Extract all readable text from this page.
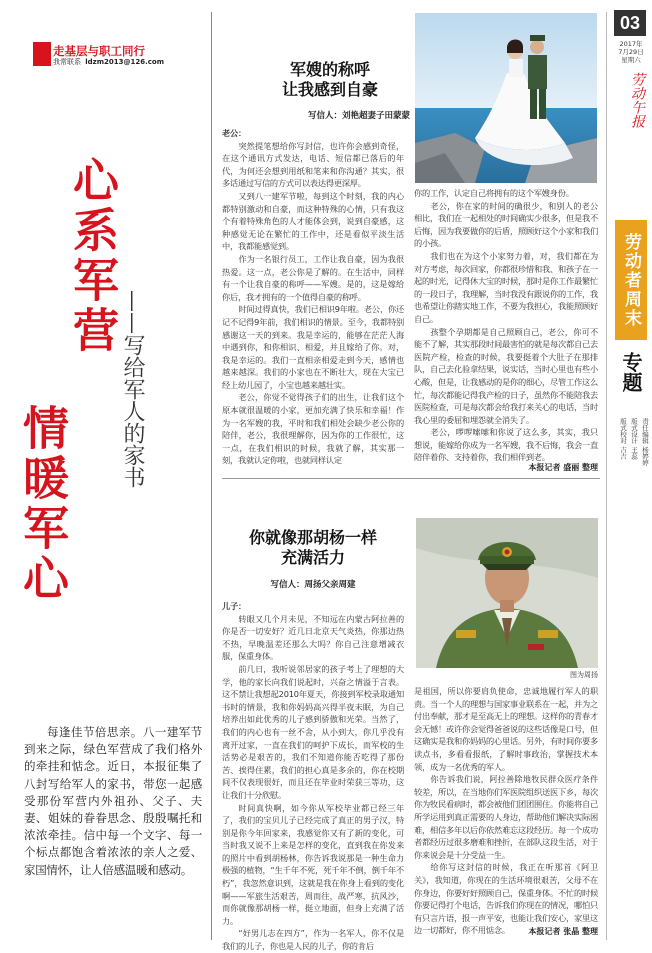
走基层与职工同行
我常联系 ldzm2013@126.com
心系军营
情暖军心
——写给军人的家书
每逢佳节倍思亲。八一建军节到来之际，绿色军营成了我们格外的牵挂和惦念。近日，本报征集了八封写给军人的家书，带您一起感受那份军营内外祖孙、父子、夫妻、姐妹的眷眷思念、殷殷嘱托和浓浓牵挂。信中每一个文字、每一个标点都饱含着浓浓的亲人之爱、家国情怀，让人倍感温暖和感动。
军嫂的称呼
让我感到自豪
写信人：刘艳超妻子田蒙蒙

老公：

突然提笔想给你写封信，也许你会感到奇怪，在这个通讯方式发达，电话、短信都已落后的年代，为何还会想到用纸和笔来和你沟通？其实，很多话通过写信的方式可以表达得更深厚。

又到八一建军节啦，每到这个时刻，我的内心都特别激动和自豪，而这种特殊的心情，只有我这个有着特殊角色的人才能体会到，说到自豪感，这种感觉无论在繁忙的工作中，还是看似平淡生活中，我都能感觉到。

作为一名银行员工，工作让我自豪，因为我很热爱。这一点，老公你是了解的。在生活中，同样有一个让我自豪的称呼——军嫂。是的，这是嫁给你后，我才拥有的一个值得自豪的称呼。

时间过得真快，我们已相识9年啦。老公，你还记不记得9年前，我们相识的情景。至今，我都特别感谢这一天的到来。我是幸运的，能够在茫茫人海中遇到你，和你相识、相爱，并且嫁给了你。对，我是幸运的。我们一直相亲相爱走到今天，感情也越来越深。我们的小家也在不断壮大，现在大宝已经上幼儿园了，小宝也越来越壮实。

老公，你觉不觉得孩子们的出生，让我们这个原本就很温暖的小家，更加充满了快乐和幸福！作为一名军嫂的我，平时和我们相处会缺少老公你的陪伴，老公，我很理解你，因为你的工作很忙，这一点，在我们相识的时候，我就了解，其实那一刻，我就认定你啦，也就同样认定

你的工作，认定自己将拥有的这个军嫂身份。

老公，你在家的时间的确很少，和别人的老公相比，我们在一起相处的时间确实少很多，但是我不后悔，因为我要做你的后盾，照顾好这个小家和我们的小孩。

我们也在为这个小家努力着，对，我们都在为对方考虑，每次回家，你都很珍惜和我、和孩子在一起的时光，记得休大宝的时候，那时是你工作最繁忙的一段日子，我理解，当时我没有跟说你的工作，我也希望让你踏实地工作，不要为我担心，我能照顾好自己。

孩整个孕期都是自己照顾自己，老公，你可不能不了解，其实那段时间最害怕的就是每次都自己去医院产检，检查的时候，我要挺着个大肚子在那排队，自己去化验拿结果，说实话，当时心里也有些小心酸，但是，让我感动的是你的细心，尽管工作这么忙，每次都能记得我产检的日子，虽然你不能陪我去医院检查，可是每次都会给我打来关心的电话，当时我心里的委屈和埋怨就全消失了。

老公，啰啰嗦嗦和你说了这么多，其实，我只想说，能嫁给你成为一名军嫂，我不后悔，我会一直陪伴着你、支持着你，我们相伴到老。

本报记者 盛丽 整理
你就像那胡杨一样
充满活力
写信人：周扬父亲周建
图为周扬

儿子：

转眼又几个月未见，不知远在内蒙古阿拉善的你是否一切安好？近几日北京天气炎热，你那边热不热，早晚温差还那么大吗？你自己注意增减衣服，保重身体。

前几日，我听说邻居家的孩子考上了理想的大学，他的家长向我们说起时，兴奋之情溢于言表。这不禁让我想起2010年夏天，你接到军校录取通知书时的情景，我和你妈妈高兴得半夜未眠，为自己培养出如此优秀的儿子感到骄傲和光荣。当然了，我们的内心也有一丝不舍，从小到大，你几乎没有离开过家，一直在我们的呵护下成长，而军校的生活势必是艰苦的，我们不知道你能否吃得了那份苦、挨得住累，我们的担心真是多余的，你在校期间不仅表现很好，而且还在毕业时荣获三等功，这让我们十分欣慰。

时间真快啊，如今你从军校毕业都已经三年了，我们的宝贝儿子已经完成了真正的男子汉，特别是你今年回家来，我感觉你又有了新的变化，可当时我又说不上来是怎样的变化，直到我在你发来的照片中看到胡杨林，你告诉我说那是一种生命力极强的植物，“生千年不死，死千年不倒，倒千年不朽”，我忽然意识到，这就是我在你身上看到的变化啊——军旅生活艰苦，周而往，战严寒，抗风沙，而你就像那胡杨一样，挺立地面，但身上充满了活力。

“好男儿志在四方”，作为一名军人，你不仅是我们的儿子，你也是人民的儿子，你的肯后

是祖国，所以你要肩负使命，忠诚地履行军人的职责。当一个人的理想与国家事业联系在一起，并为之付出奉献，那才是至高无上的理想。这样你的青春才会无憾！或许你会觉得爸爸说的这些话像是口号，但这确实是我和你妈妈的心里话。另外，有时间你要多读点书，多看看报纸，了解时事政治，掌握技术本领，成为一名优秀的军人。

你告诉我们说，阿拉善除地牧民群众医疗条件较差，所以，在当地你们军医院组织送医下乡，每次你为牧民看病时，都会被他们团团围住。你能将自己所学运用到真正需要的人身边，帮助他们解决实际困难，相信多年以后你依然难忘这段经历。每一个成功者都经历过很多磨难和挫折，在部队这段生活，对于你来说会是十分受益一生。

给你写这封信的时候，我正在听那首《阿卫关》，我知道，你现在的生活环境很艰苦，父母不在你身边，你要好好照顾自己，保重身体。不忙的时候你要记得打个电话，告诉我们你现在的情况，哪怕只有只言片语，报一声平安，也能让我们安心，家里这边一切都好，你不用惦念。	本报记者 张晶 整理
03
2017年
7月29日
星期六
劳动午报
劳动者周末
专题
责任编辑 杨婷婷
版式设计 王蕊
版式校对 吉吉
